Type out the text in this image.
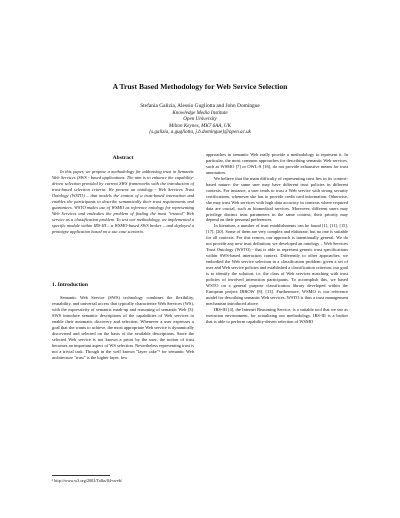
A Trust Based Methodology for Web Service Selection
Stefania Galizia, Alessio Gugliotta and John Domingue
Knowledge Media Institute
Open University
Milton Keynes, MK7 6AA, UK
{s.galizia, a.gugliotta, j.b.domingue}@open.ac.uk
Abstract
In this paper, we propose a methodology for addressing trust in Semantic Web Services (SWS - based applications. The aim is to enhance the capability-driven selection provided by current SWS frameworks with the introduction of trust-based selection criteria. We present an ontology - Web Services Trust Ontology (WSTO) – that models the context of a trust-based interaction and enables the participants to describe semantically their trust requirements and guarantees. WSTO makes use of WSMO as reference ontology for representing Web Services and embodies the problem of finding the most "trusted" Web service as a classification problem. To test our methodology, we implemented a specific module within IRS-III – a WSMO-based SWS broker – and deployed a prototype application based on a use case scenario.
1. Introduction
Semantic Web Service (SWS) technology combines the flexibility, reusability, and universal access that typically characterize Web Services (WS), with the expressivity of semantic mark-up and reasoning of semantic Web [3]. SWS introduce semantic descriptions of the capabilities of Web services to enable their automatic discovery and selection. Whenever a user expresses a goal that she wants to achieve, the most appropriate Web service is dynamically discovered and selected on the basis of the available descriptions. Since the selected Web service is not known a priori by the user, the notion of trust becomes an important aspect of WS selection. Nevertheless representing trust is not a trivial task. Though in the well known "layer cake"¹ for semantic Web architecture "trust" is the higher layer, few
¹ http://www.w3.org/2002/Talks/04-sweb/

approaches in semantic Web really provide a methodology to represent it. In particular, the most common approaches for describing semantic Web services, such as WSMO [7] or OWL-S [16], do not provide exhaustive means for trust annotation.

We believe that the main difficulty of representing trust lies in its context-based nature: the same user may have different trust policies in different contexts. For instance, a user tends to trust a Web service with strong security certifications, whenever she has to provide credit card information. Otherwise, she may trust Web services with high data accuracy in contexts where required data are crucial, such as biomedical services. Moreover, different users may privilege distinct trust parameters in the same context; their priority may depend on their personal preferences.

In literature, a number of trust establishments can be found [1], [11], [15], [17], [20]. Some of them are very complex and elaborate, but no one is suitable for all contexts. For this reason, our approach is intentionally general. We do not provide any new trust definition; we developed an ontology – Web Services Trust Ontology (WSTO) - that is able to represent generic trust specifications within SWS-based interaction context. Differently to other approaches, we embodied the Web service selection in a classification problem: given a set of user and Web service policies and established a classification criterion, our goal is to identify the solution, i.e. the class of Web services matching with trust policies of involved interaction participants. To accomplish this, we based WSTO on a general purpose classification library developed within the European project IBROW [8], [13]. Furthermore, WSMO is our reference model for describing semantic Web services. WSTO is thus a trust management mechanism introduced above.

IRS-III [4], the Internet Reasoning Service, is a suitable tool that we use as execution environment, for actualizing our methodology. IRS-III is a broker that is able to perform capability-driven selection of WSMO
